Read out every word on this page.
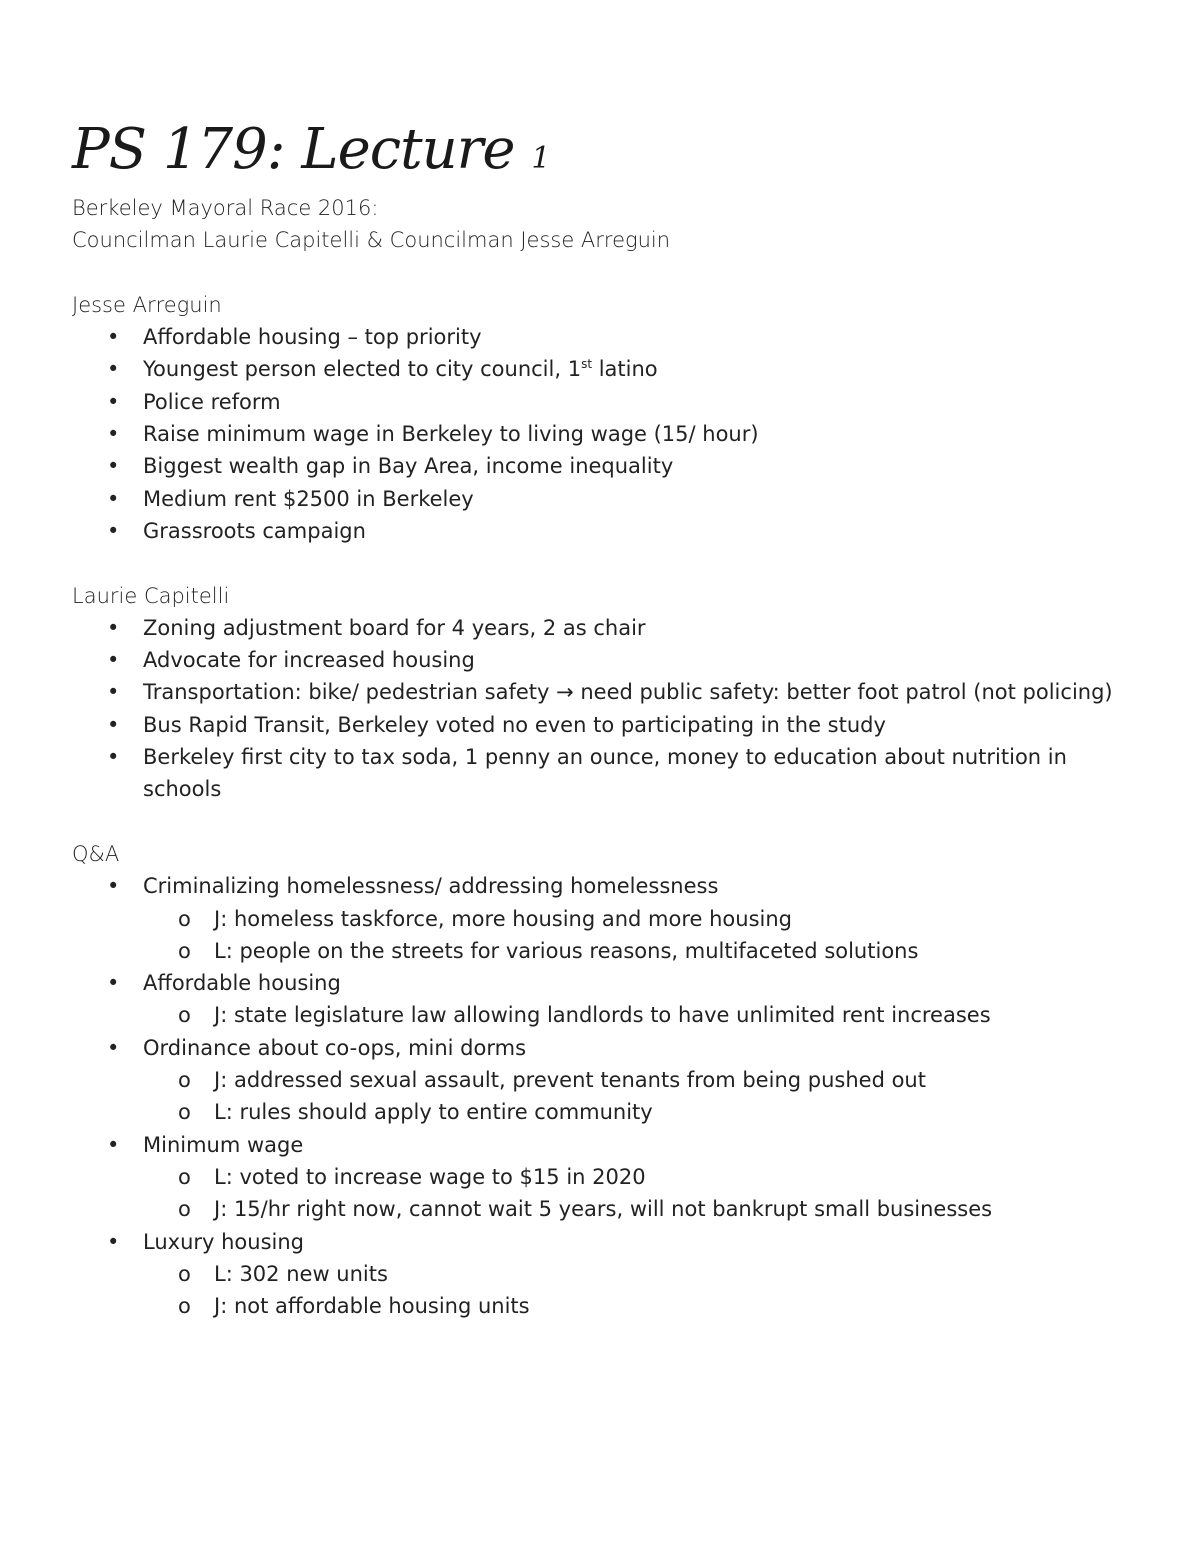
PS 179: Lecture 1
Berkeley Mayoral Race 2016:
Councilman Laurie Capitelli & Councilman Jesse Arreguin
Jesse Arreguin
• Affordable housing – top priority
• Youngest person elected to city council, 1st latino
• Police reform
• Raise minimum wage in Berkeley to living wage (15/ hour)
• Biggest wealth gap in Bay Area, income inequality
• Medium rent $2500 in Berkeley
• Grassroots campaign
Laurie Capitelli
• Zoning adjustment board for 4 years, 2 as chair
• Advocate for increased housing
• Transportation: bike/ pedestrian safety → need public safety: better foot patrol (not policing)
• Bus Rapid Transit, Berkeley voted no even to participating in the study
• Berkeley first city to tax soda, 1 penny an ounce, money to education about nutrition in schools
Q&A
• Criminalizing homelessness/ addressing homelessness
o J: homeless taskforce, more housing and more housing
o L: people on the streets for various reasons, multifaceted solutions
• Affordable housing
o J: state legislature law allowing landlords to have unlimited rent increases
• Ordinance about co-ops, mini dorms
o J: addressed sexual assault, prevent tenants from being pushed out
o L: rules should apply to entire community
• Minimum wage
o L: voted to increase wage to $15 in 2020
o J: 15/hr right now, cannot wait 5 years, will not bankrupt small businesses
• Luxury housing
o L: 302 new units
o J: not affordable housing units
